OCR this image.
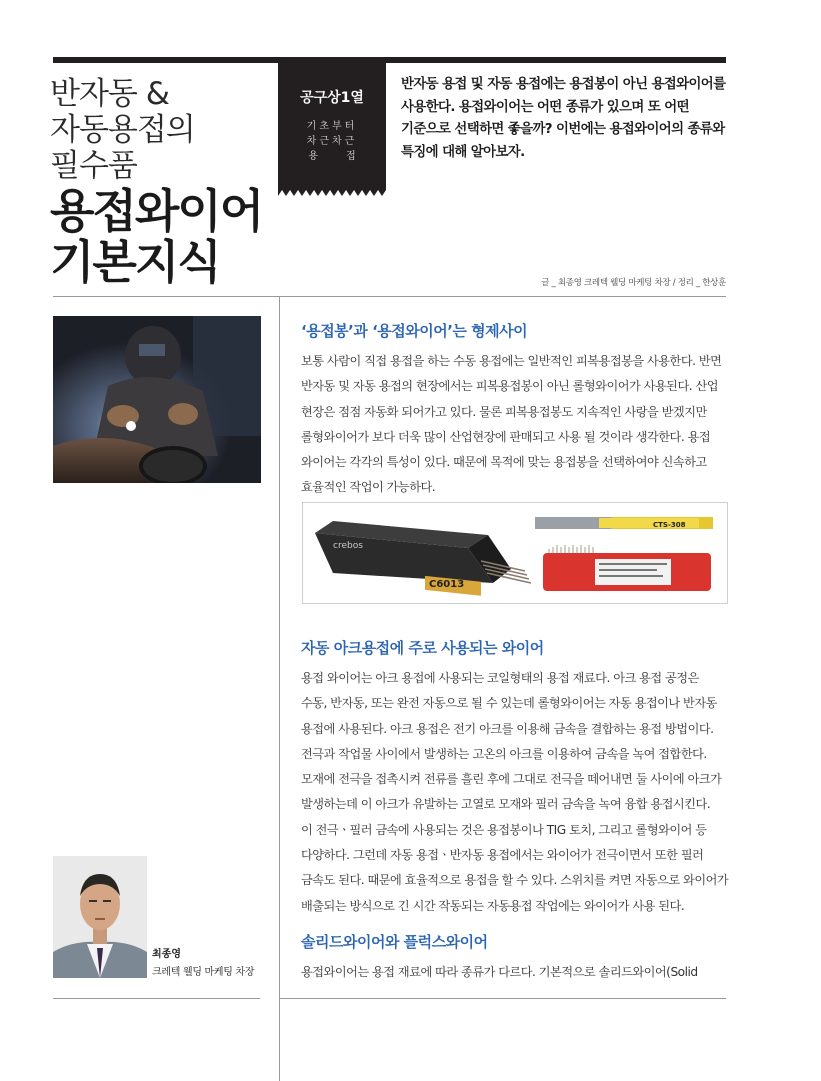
반자동 &
자동용접의
필수품
용접와이어
기본지식
공구상1열
기초부터
차근차근
용접
반자동 용접 및 자동 용접에는 용접봉이 아닌 용접와이어를
사용한다. 용접와이어는 어떤 종류가 있으며 또 어떤
기준으로 선택하면 좋을까? 이번에는 용접와이어의 종류와
특징에 대해 알아보자.
글 _ 최종영 크레텍 웰딩 마케팅 차장 / 정리 _ 한상훈
‘용접봉’과 ‘용접와이어’는 형제사이
보통 사람이 직접 용접을 하는 수동 용접에는 일반적인 피복용접봉을 사용한다. 반면
반자동 및 자동 용접의 현장에서는 피복용접봉이 아닌 롤형와이어가 사용된다. 산업
현장은 점점 자동화 되어가고 있다. 물론 피복용접봉도 지속적인 사랑을 받겠지만
롤형와이어가 보다 더욱 많이 산업현장에 판매되고 사용 될 것이라 생각한다. 용접
와이어는 각각의 특성이 있다. 때문에 목적에 맞는 용접봉을 선택하여야 신속하고
효율적인 작업이 가능하다.
crebos
C6013
CTS-308
자동 아크용접에 주로 사용되는 와이어
용접 와이어는 아크 용접에 사용되는 코일형태의 용접 재료다. 아크 용접 공정은
수동, 반자동, 또는 완전 자동으로 될 수 있는데 롤형와이어는 자동 용접이나 반자동
용접에 사용된다. 아크 용접은 전기 아크를 이용해 금속을 결합하는 용접 방법이다.
전극과 작업물 사이에서 발생하는 고온의 아크를 이용하여 금속을 녹여 접합한다.
모재에 전극을 접촉시켜 전류를 흘린 후에 그대로 전극을 떼어내면 둘 사이에 아크가
발생하는데 이 아크가 유발하는 고열로 모재와 필러 금속을 녹여 융합 용접시킨다.
이 전극ㆍ필러 금속에 사용되는 것은 용접봉이나 TIG 토치, 그리고 롤형와이어 등
다양하다. 그런데 자동 용접ㆍ반자동 용접에서는 와이어가 전극이면서 또한 필러
금속도 된다. 때문에 효율적으로 용접을 할 수 있다. 스위치를 켜면 자동으로 와이어가
배출되는 방식으로 긴 시간 작동되는 자동용접 작업에는 와이어가 사용 된다.
솔리드와이어와 플럭스와이어
용접와이어는 용접 재료에 따라 종류가 다르다. 기본적으로 솔리드와이어(Solid
최종영
크레텍 웰딩 마케팅 차장
